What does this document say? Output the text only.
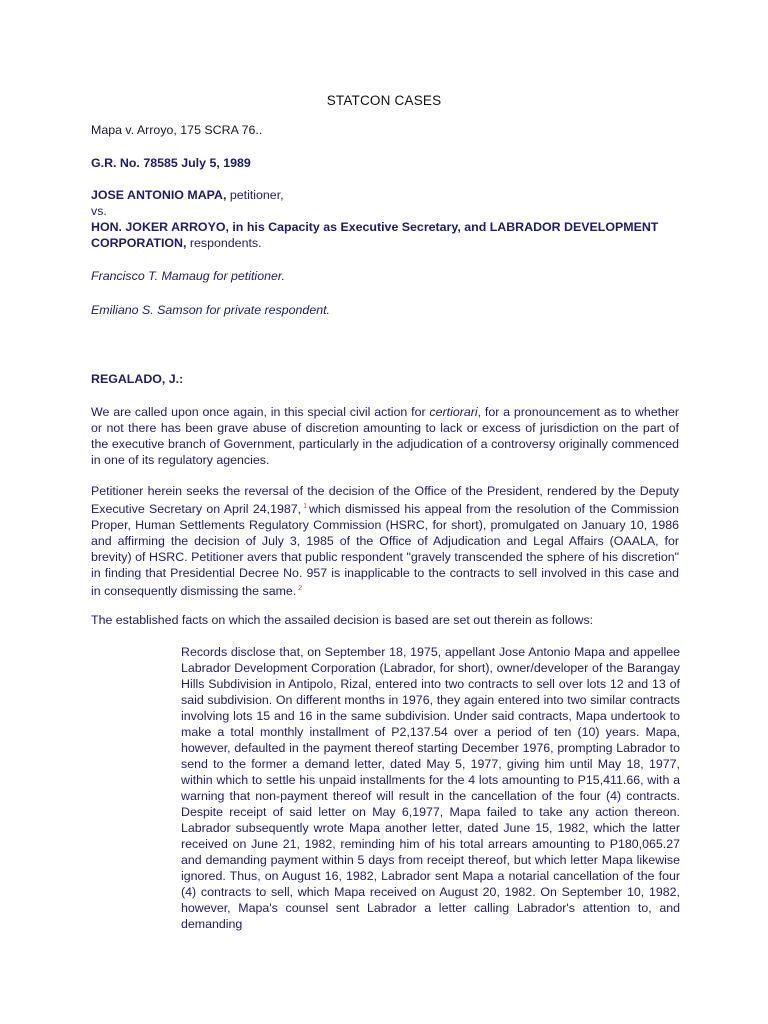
STATCON CASES
Mapa v. Arroyo, 175 SCRA 76..
G.R. No. 78585 July 5, 1989
JOSE ANTONIO MAPA, petitioner,
vs.
HON. JOKER ARROYO, in his Capacity as Executive Secretary, and LABRADOR DEVELOPMENT CORPORATION, respondents.
Francisco T. Mamaug for petitioner.
Emiliano S. Samson for private respondent.
REGALADO, J.:
We are called upon once again, in this special civil action for certiorari, for a pronouncement as to whether or not there has been grave abuse of discretion amounting to lack or excess of jurisdiction on the part of the executive branch of Government, particularly in the adjudication of a controversy originally commenced in one of its regulatory agencies.
Petitioner herein seeks the reversal of the decision of the Office of the President, rendered by the Deputy Executive Secretary on April 24,1987, $^1$ which dismissed his appeal from the resolution of the Commission Proper, Human Settlements Regulatory Commission (HSRC, for short), promulgated on January 10, 1986 and affirming the decision of July 3, 1985 of the Office of Adjudication and Legal Affairs (OAALA, for brevity) of HSRC. Petitioner avers that public respondent "gravely transcended the sphere of his discretion" in finding that Presidential Decree No. 957 is inapplicable to the contracts to sell involved in this case and in consequently dismissing the same. $^2$
The established facts on which the assailed decision is based are set out therein as follows:
Records disclose that, on September 18, 1975, appellant Jose Antonio Mapa and appellee Labrador Development Corporation (Labrador, for short), owner/developer of the Barangay Hills Subdivision in Antipolo, Rizal, entered into two contracts to sell over lots 12 and 13 of said subdivision. On different months in 1976, they again entered into two similar contracts involving lots 15 and 16 in the same subdivision. Under said contracts, Mapa undertook to make a total monthly installment of P2,137.54 over a period of ten (10) years. Mapa, however, defaulted in the payment thereof starting December 1976, prompting Labrador to send to the former a demand letter, dated May 5, 1977, giving him until May 18, 1977, within which to settle his unpaid installments for the 4 lots amounting to P15,411.66, with a warning that non-payment thereof will result in the cancellation of the four (4) contracts. Despite receipt of said letter on May 6,1977, Mapa failed to take any action thereon. Labrador subsequently wrote Mapa another letter, dated June 15, 1982, which the latter received on June 21, 1982, reminding him of his total arrears amounting to P180,065.27 and demanding payment within 5 days from receipt thereof, but which letter Mapa likewise ignored. Thus, on August 16, 1982, Labrador sent Mapa a notarial cancellation of the four (4) contracts to sell, which Mapa received on August 20, 1982. On September 10, 1982, however, Mapa's counsel sent Labrador a letter calling Labrador's attention to, and demanding
